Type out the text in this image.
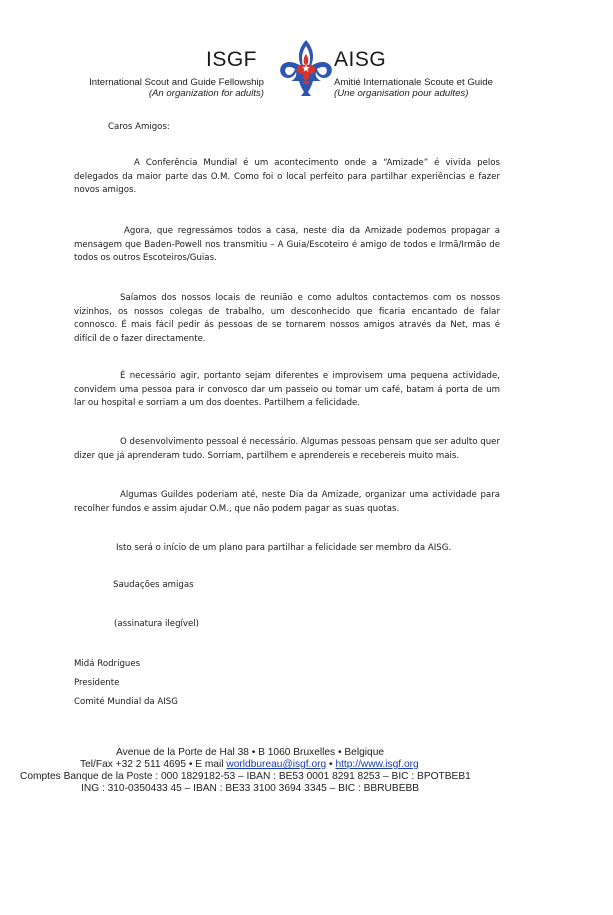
ISGF	AISG
International Scout and Guide Fellowship
(An organization for adults)
Amitié Internationale Scoute et Guide
(Une organisation pour adultes)
Caros Amigos:
A Conferência Mundial é um acontecimento onde a “Amizade” é vivida pelos delegados da maior parte das O.M. Como foi o local perfeito para partilhar experiências e fazer novos amigos.
Agora, que regressámos todos a casa, neste dia da Amizade podemos propagar a mensagem que Baden-Powell nos transmitiu – A Guia/Escoteiro é amigo de todos e Irmã/Irmão de todos os outros Escoteiros/Guias.
Saíamos dos nossos locais de reunião e como adultos contactemos com os nossos vizinhos, os nossos colegas de trabalho, um desconhecido que ficaria encantado de falar connosco. É mais fácil pedir ás pessoas de se tornarem nossos amigos através da Net, mas é difícil de o fazer directamente.
É necessário agir, portanto sejam diferentes e improvisem uma pequena actividade, convidem uma pessoa para ir convosco dar um passeio ou tomar um café, batam á porta de um lar ou hospital e sorriam a um dos doentes. Partilhem a felicidade.
O desenvolvimento pessoal é necessário. Algumas pessoas pensam que ser adulto quer dizer que já aprenderam tudo. Sorriam, partilhem e aprendereis e recebereis muito mais.
Algumas Guildes poderiam até, neste Dia da Amizade, organizar uma actividade para recolher fundos e assim ajudar O.M., que não podem pagar as suas quotas.
Isto será o início de um plano para partilhar a felicidade ser membro da AISG.
Saudações amigas
(assinatura ilegível)
Midá Rodrigues
Presidente
Comité Mundial da AISG
Avenue de la Porte de Hal 38 • B 1060 Bruxelles • Belgique
Tel/Fax +32 2 511 4695 • E mail worldbureau@isgf.org • http://www.isgf.org
Comptes Banque de la Poste : 000 1829182-53 – IBAN : BE53 0001 8291 8253 – BIC : BPOTBEB1
ING : 310-0350433 45 – IBAN : BE33 3100 3694 3345 – BIC : BBRUBEBB
